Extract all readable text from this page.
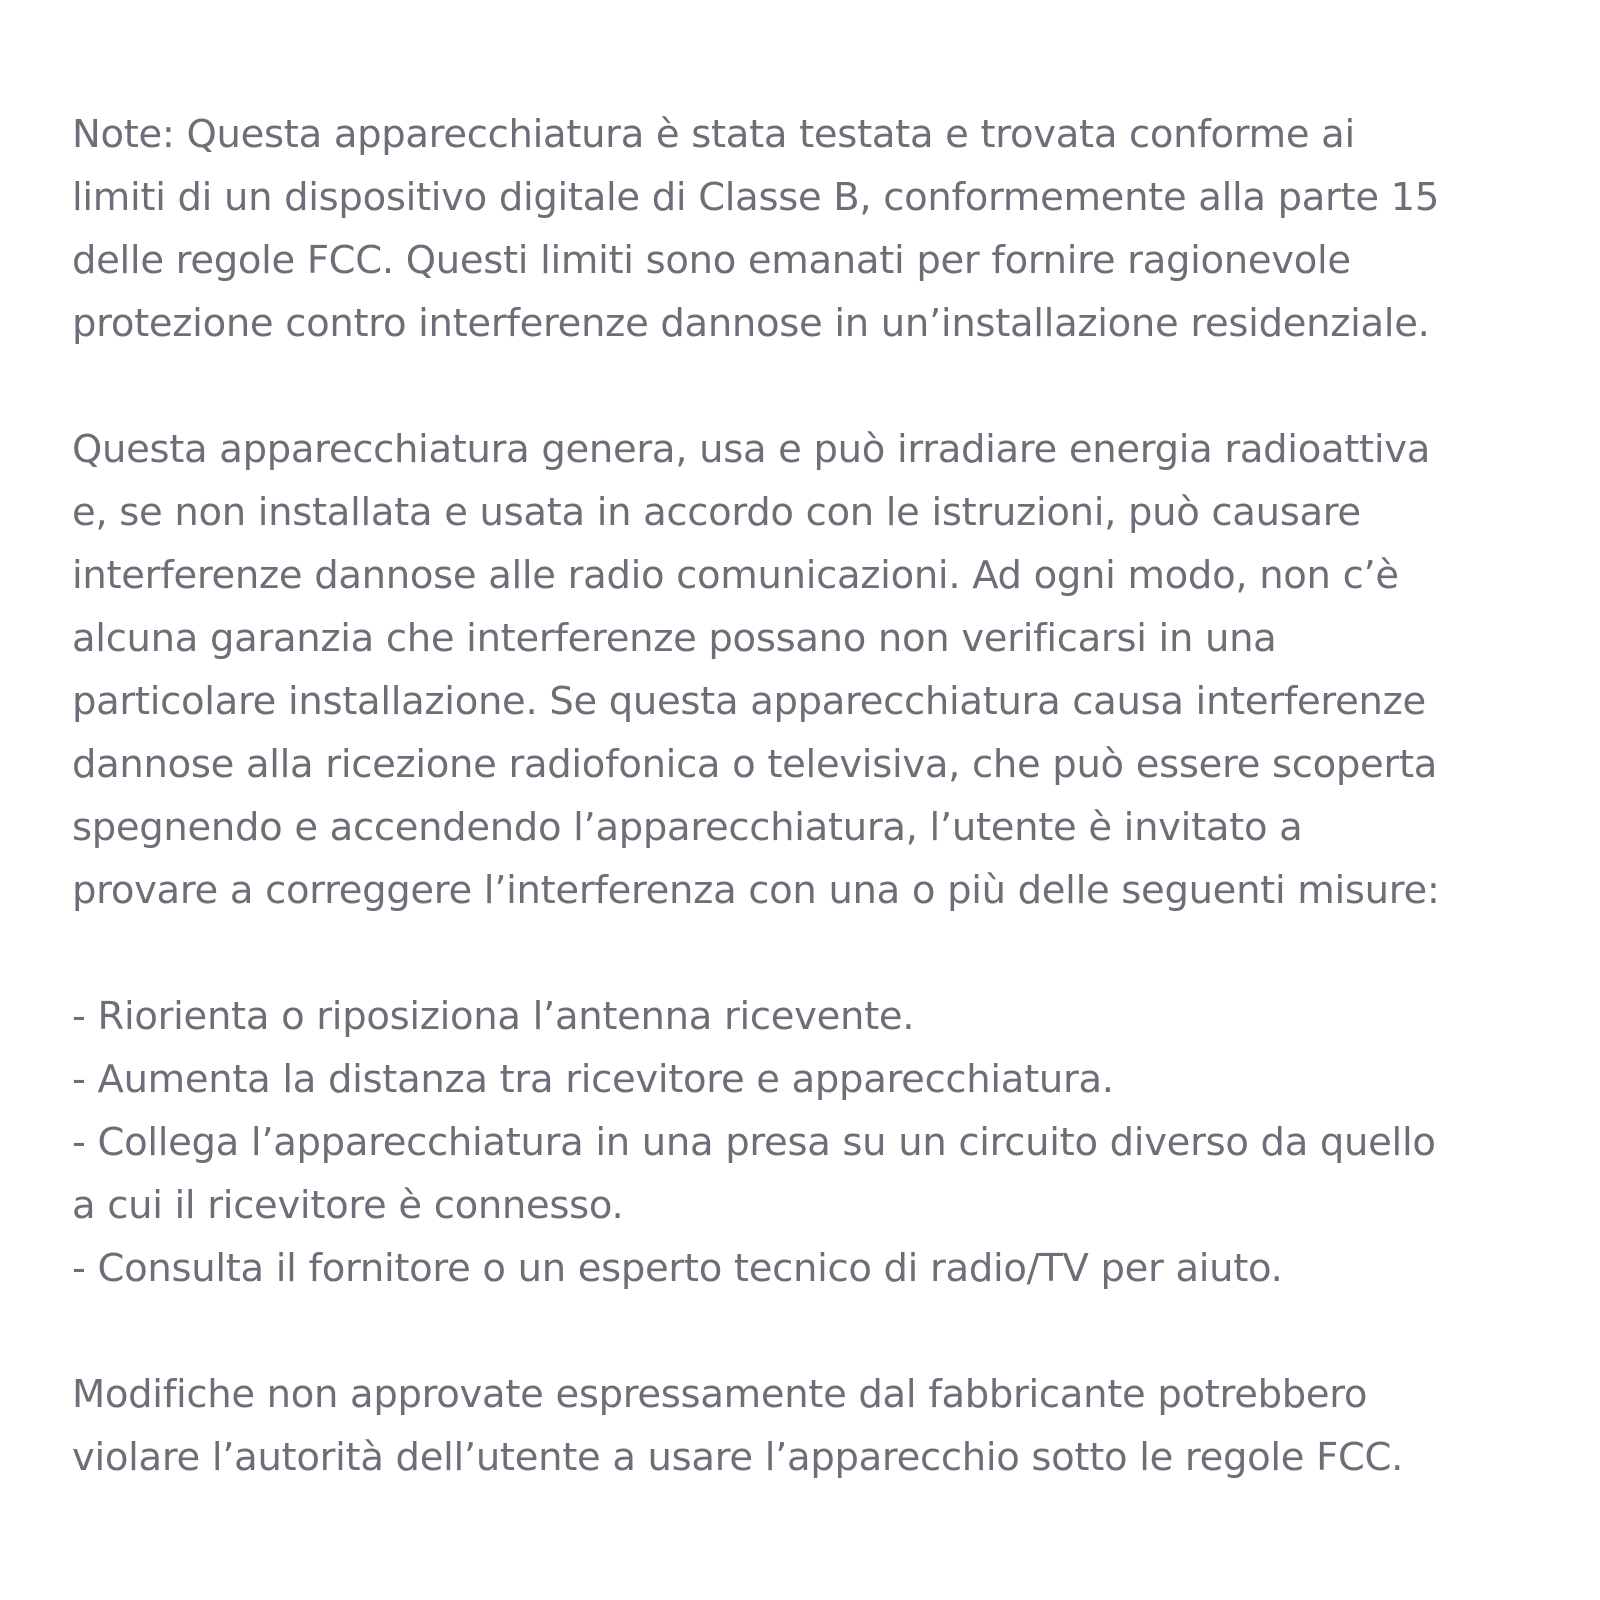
Note: Questa apparecchiatura è stata testata e trovata conforme ai
limiti di un dispositivo digitale di Classe B, conformemente alla parte 15
delle regole FCC. Questi limiti sono emanati per fornire ragionevole
protezione contro interferenze dannose in un’installazione residenziale.
Questa apparecchiatura genera, usa e può irradiare energia radioattiva
e, se non installata e usata in accordo con le istruzioni, può causare
interferenze dannose alle radio comunicazioni. Ad ogni modo, non c’è
alcuna garanzia che interferenze possano non verificarsi in una
particolare installazione. Se questa apparecchiatura causa interferenze
dannose alla ricezione radiofonica o televisiva, che può essere scoperta
spegnendo e accendendo l’apparecchiatura, l’utente è invitato a
provare a correggere l’interferenza con una o più delle seguenti misure:
- Riorienta o riposiziona l’antenna ricevente.
- Aumenta la distanza tra ricevitore e apparecchiatura.
- Collega l’apparecchiatura in una presa su un circuito diverso da quello
a cui il ricevitore è connesso.
- Consulta il fornitore o un esperto tecnico di radio/TV per aiuto.
Modifiche non approvate espressamente dal fabbricante potrebbero
violare l’autorità dell’utente a usare l’apparecchio sotto le regole FCC.
